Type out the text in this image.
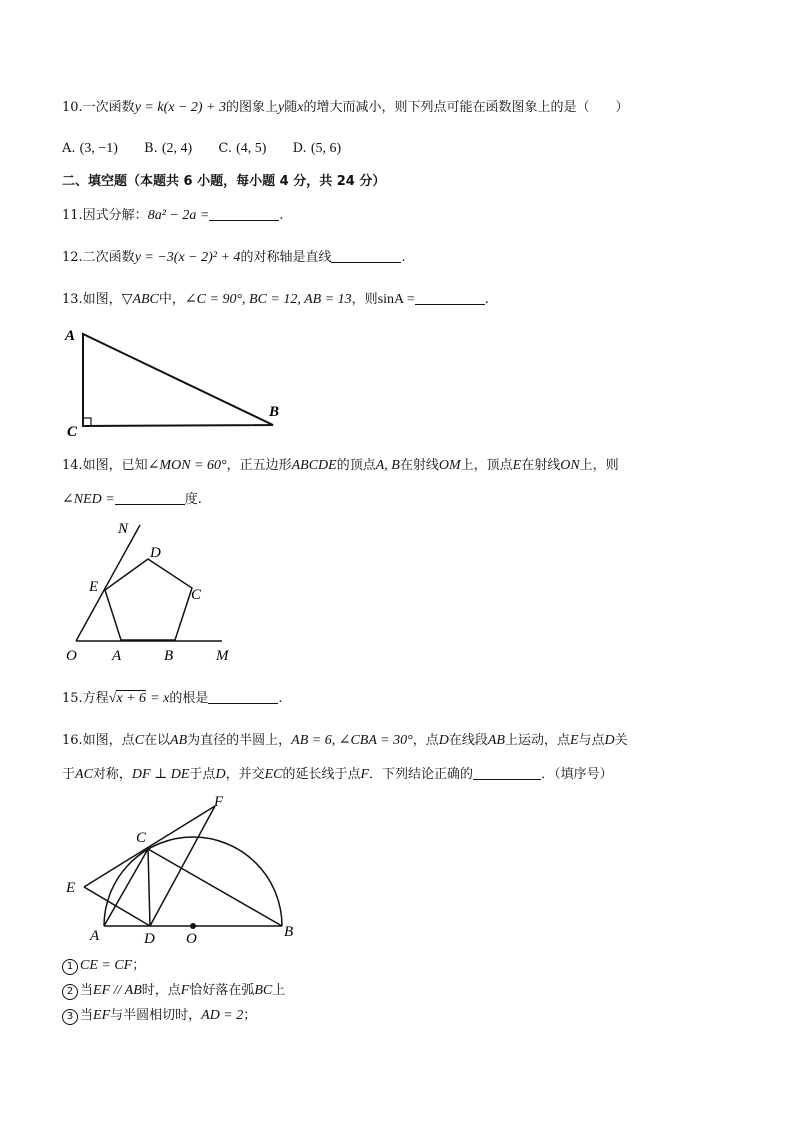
10.一次函数y = k(x − 2) + 3的图象上y随x的增大而减小，则下列点可能在函数图象上的是（　　）
A. (3, −1) B. (2, 4) C. (4, 5) D. (5, 6)
二、填空题（本题共 6 小题，每小题 4 分，共 24 分）
11.因式分解：8a² − 2a =	.
12.二次函数y = −3(x − 2)² + 4的对称轴是直线	.
13.如图，▽ABC中，∠C = 90°, BC = 12, AB = 13，则sinA =	.
A
C
B
14.如图，已知∠MON = 60°，正五边形ABCDE的顶点A, B在射线OM上，顶点E在射线ON上，则
∠NED =	度.
N
D
E	C
O A	B	M
15.方程√x + 6 = x的根是	.
16.如图，点C在以AB为直径的半圆上，AB = 6, ∠CBA = 30°，点D在线段AB上运动，点E与点D关
于AC对称，DF ⊥ DE于点D，并交EC的延长线于点F．下列结论正确的	．（填序号）
F
C
E
A	D O	B
1 CE = CF；
2 当EF // AB时，点F恰好落在弧BC上
3 当EF与半圆相切时，AD = 2；
